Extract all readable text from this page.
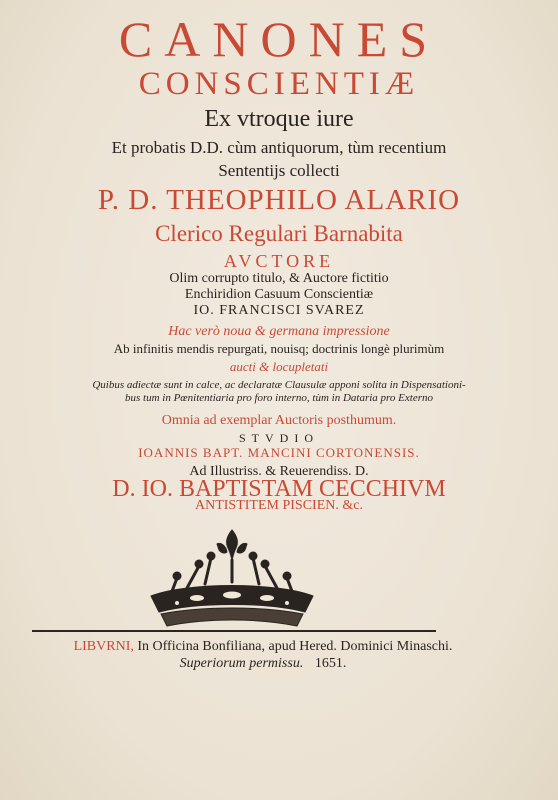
CANONES
CONSCIENTIÆ
Ex vtroque iure
Et probatis D.D. cùm antiquorum, tùm recentium
Sententijs collecti
P. D. THEOPHILO ALARIO
Clerico Regulari Barnabita
AVCTORE
Olim corrupto titulo, & Auctore fictitio
Enchiridion Casuum Conscientiæ
IO. FRANCISCI SVAREZ
Hac verò noua & germana impressione
Ab infinitis mendis repurgati, nouisq; doctrinis longè plurimùm
aucti & locupletati
Quibus adiectæ sunt in calce, ac declaratæ Clausulæ apponi solita in Dispensationi-
bus tum in Pœnitentiaria pro foro interno, tùm in Dataria pro Externo
Omnia ad exemplar Auctoris posthumum.
STVDIO
IOANNIS BAPT. MANCINI CORTONENSIS.
Ad Illustriss. & Reuerendiss. D.
D. IO. BAPTISTAM CECCHIVM
ANTISTITEM PISCIEN. &c.
LIBVRNI, In Officina Bonfiliana, apud Hered. Dominici Minaschi.
Superiorum permissu. 1651.
